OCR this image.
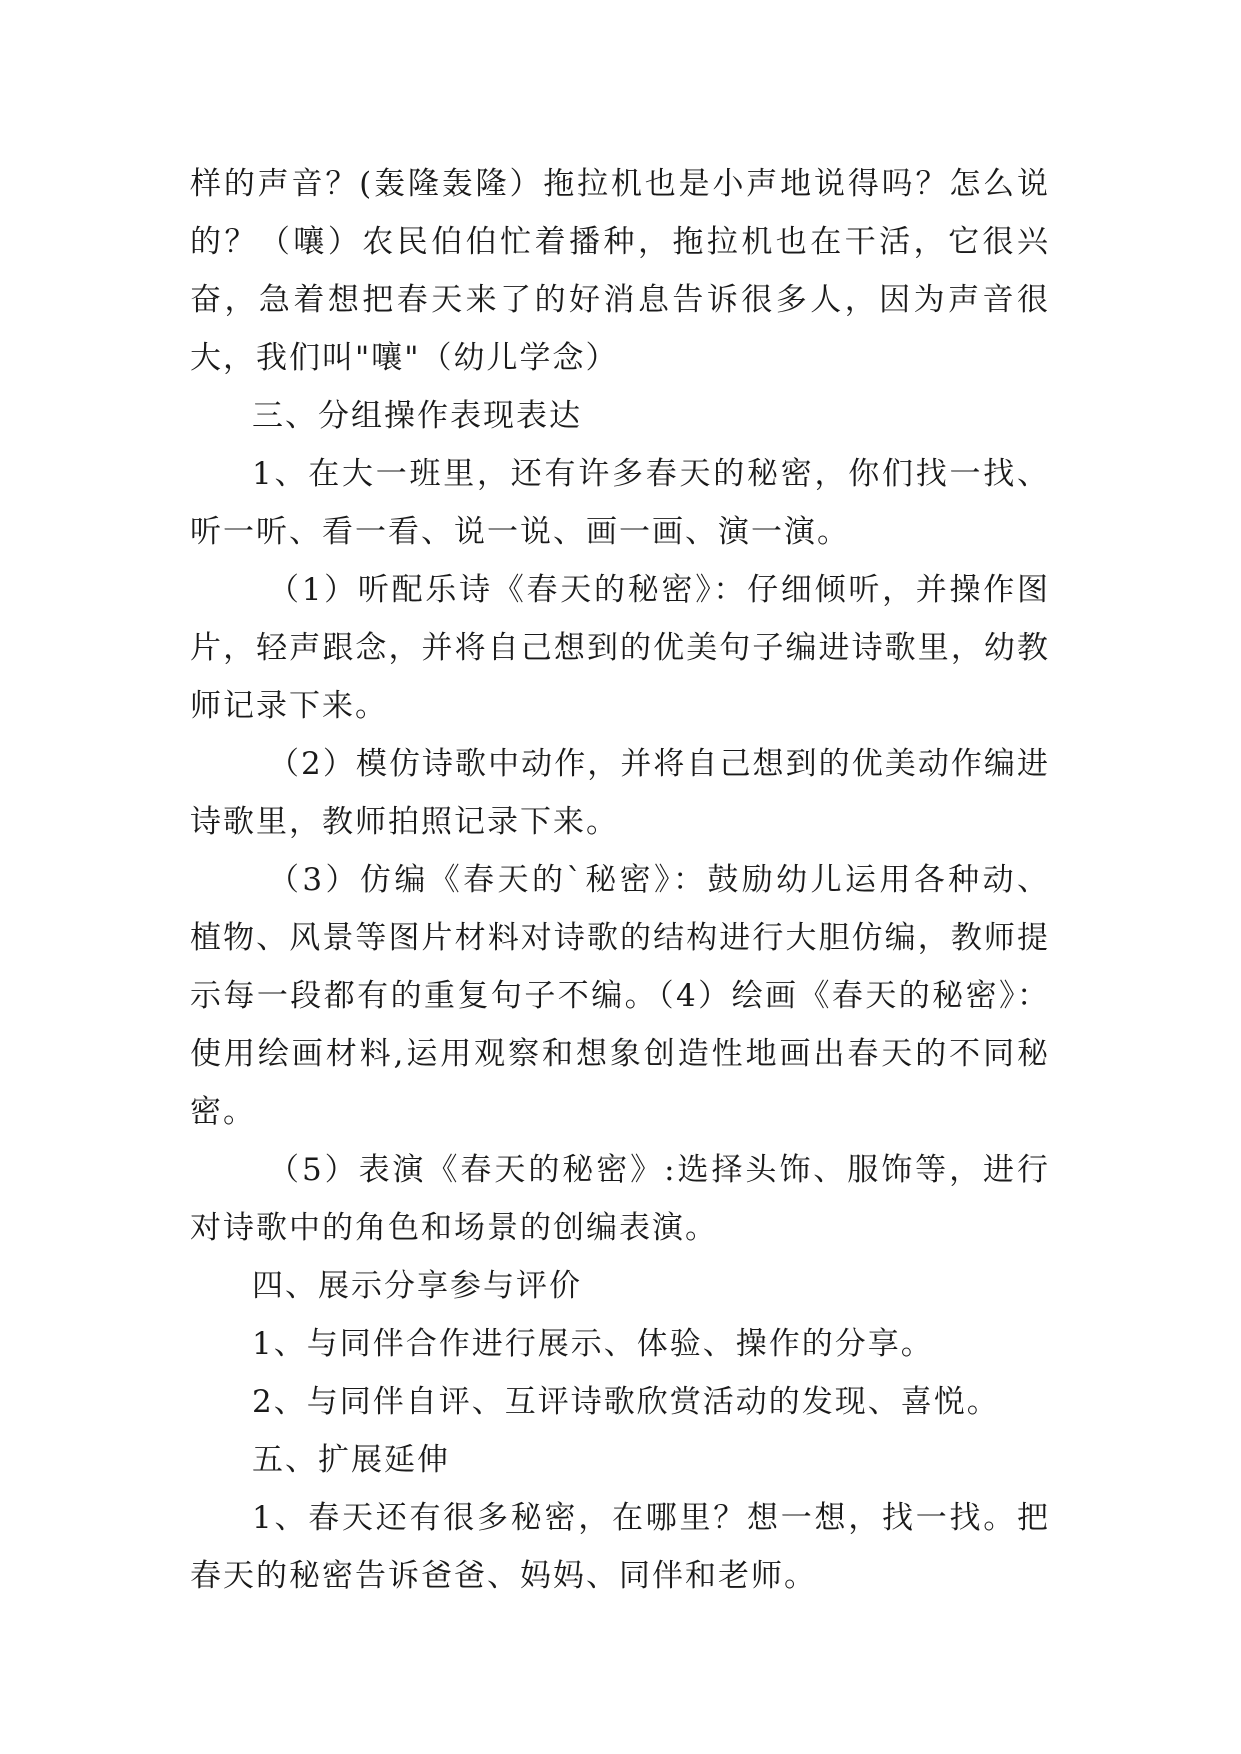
样的声音？(轰隆轰隆）拖拉机也是小声地说得吗？怎么说的？（嚷）农民伯伯忙着播种，拖拉机也在干活，它很兴奋，急着想把春天来了的好消息告诉很多人，因为声音很大，我们叫"嚷"（幼儿学念）

三、分组操作表现表达

1、在大一班里，还有许多春天的秘密，你们找一找、听一听、看一看、说一说、画一画、演一演。

（1）听配乐诗《春天的秘密》：仔细倾听，并操作图片，轻声跟念，并将自己想到的优美句子编进诗歌里，幼教师记录下来。

（2）模仿诗歌中动作，并将自己想到的优美动作编进诗歌里，教师拍照记录下来。

（3）仿编《春天的`秘密》：鼓励幼儿运用各种动、植物、风景等图片材料对诗歌的结构进行大胆仿编，教师提示每一段都有的重复句子不编。（4）绘画《春天的秘密》：使用绘画材料,运用观察和想象创造性地画出春天的不同秘密。

（5）表演《春天的秘密》:选择头饰、服饰等，进行对诗歌中的角色和场景的创编表演。

四、展示分享参与评价

1、与同伴合作进行展示、体验、操作的分享。

2、与同伴自评、互评诗歌欣赏活动的发现、喜悦。

五、扩展延伸

1、春天还有很多秘密，在哪里？想一想，找一找。把春天的秘密告诉爸爸、妈妈、同伴和老师。
